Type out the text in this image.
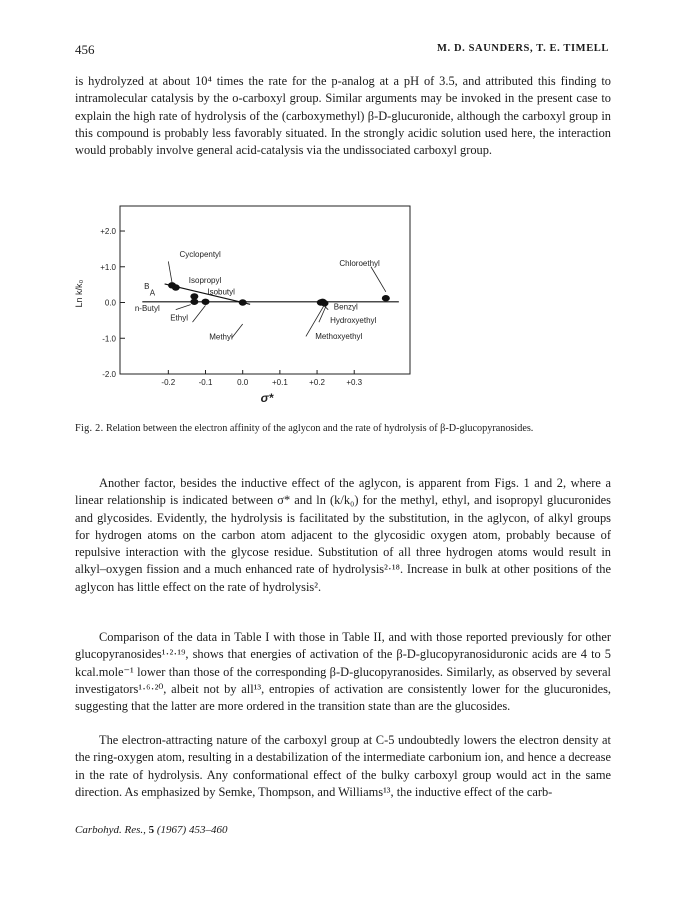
456	M. D. SAUNDERS, T. E. TIMELL

is hydrolyzed at about 10⁴ times the rate for the p-analog at a pH of 3.5, and attributed this finding to intramolecular catalysis by the o-carboxyl group. Similar arguments may be invoked in the present case to explain the high rate of hydrolysis of the (carboxymethyl) β-D-glucuronide, although the carboxyl group in this compound is probably less favorably situated. In the strongly acidic solution used here, the interaction would probably involve general acid-catalysis via the undissociated carboxyl group.

+2.0
+1.0
0.0
-1.0
-2.0
-0.2	-0.1	0.0	+0.1	+0.2	+0.3
σ*
Ln k/k₀	B
A
Cyclopentyl
Isopropyl
Isobutyl
n-Butyl
Ethyl
Methyl
Benzyl
Hydroxyethyl
Methoxyethyl
Chloroethyl

Fig. 2. Relation between the electron affinity of the aglycon and the rate of hydrolysis of β-D-glucopyranosides.

Another factor, besides the inductive effect of the aglycon, is apparent from Figs. 1 and 2, where a linear relationship is indicated between σ* and ln (k/k₀) for the methyl, ethyl, and isopropyl glucuronides and glycosides. Evidently, the hydrolysis is facilitated by the substitution, in the aglycon, of alkyl groups for hydrogen atoms on the carbon atom adjacent to the glycosidic oxygen atom, probably because of repulsive interaction with the glycose residue. Substitution of all three hydrogen atoms would result in alkyl–oxygen fission and a much enhanced rate of hydrolysis²·¹⁸. Increase in bulk at other positions of the aglycon has little effect on the rate of hydrolysis².

Comparison of the data in Table I with those in Table II, and with those reported previously for other glucopyranosides¹·²·¹⁹, shows that energies of activation of the β-D-glucopyranosiduronic acids are 4 to 5 kcal.mole⁻¹ lower than those of the corresponding β-D-glucopyranosides. Similarly, as observed by several investigators¹·⁶·²⁰, albeit not by all¹³, entropies of activation are consistently lower for the glucuronides, suggesting that the latter are more ordered in the transition state than are the glucosides.

The electron-attracting nature of the carboxyl group at C-5 undoubtedly lowers the electron density at the ring-oxygen atom, resulting in a destabilization of the intermediate carbonium ion, and hence a decrease in the rate of hydrolysis. Any conformational effect of the bulky carboxyl group would act in the same direction. As emphasized by Semke, Thompson, and Williams¹³, the inductive effect of the carb-

Carbohyd. Res., 5 (1967) 453–460
